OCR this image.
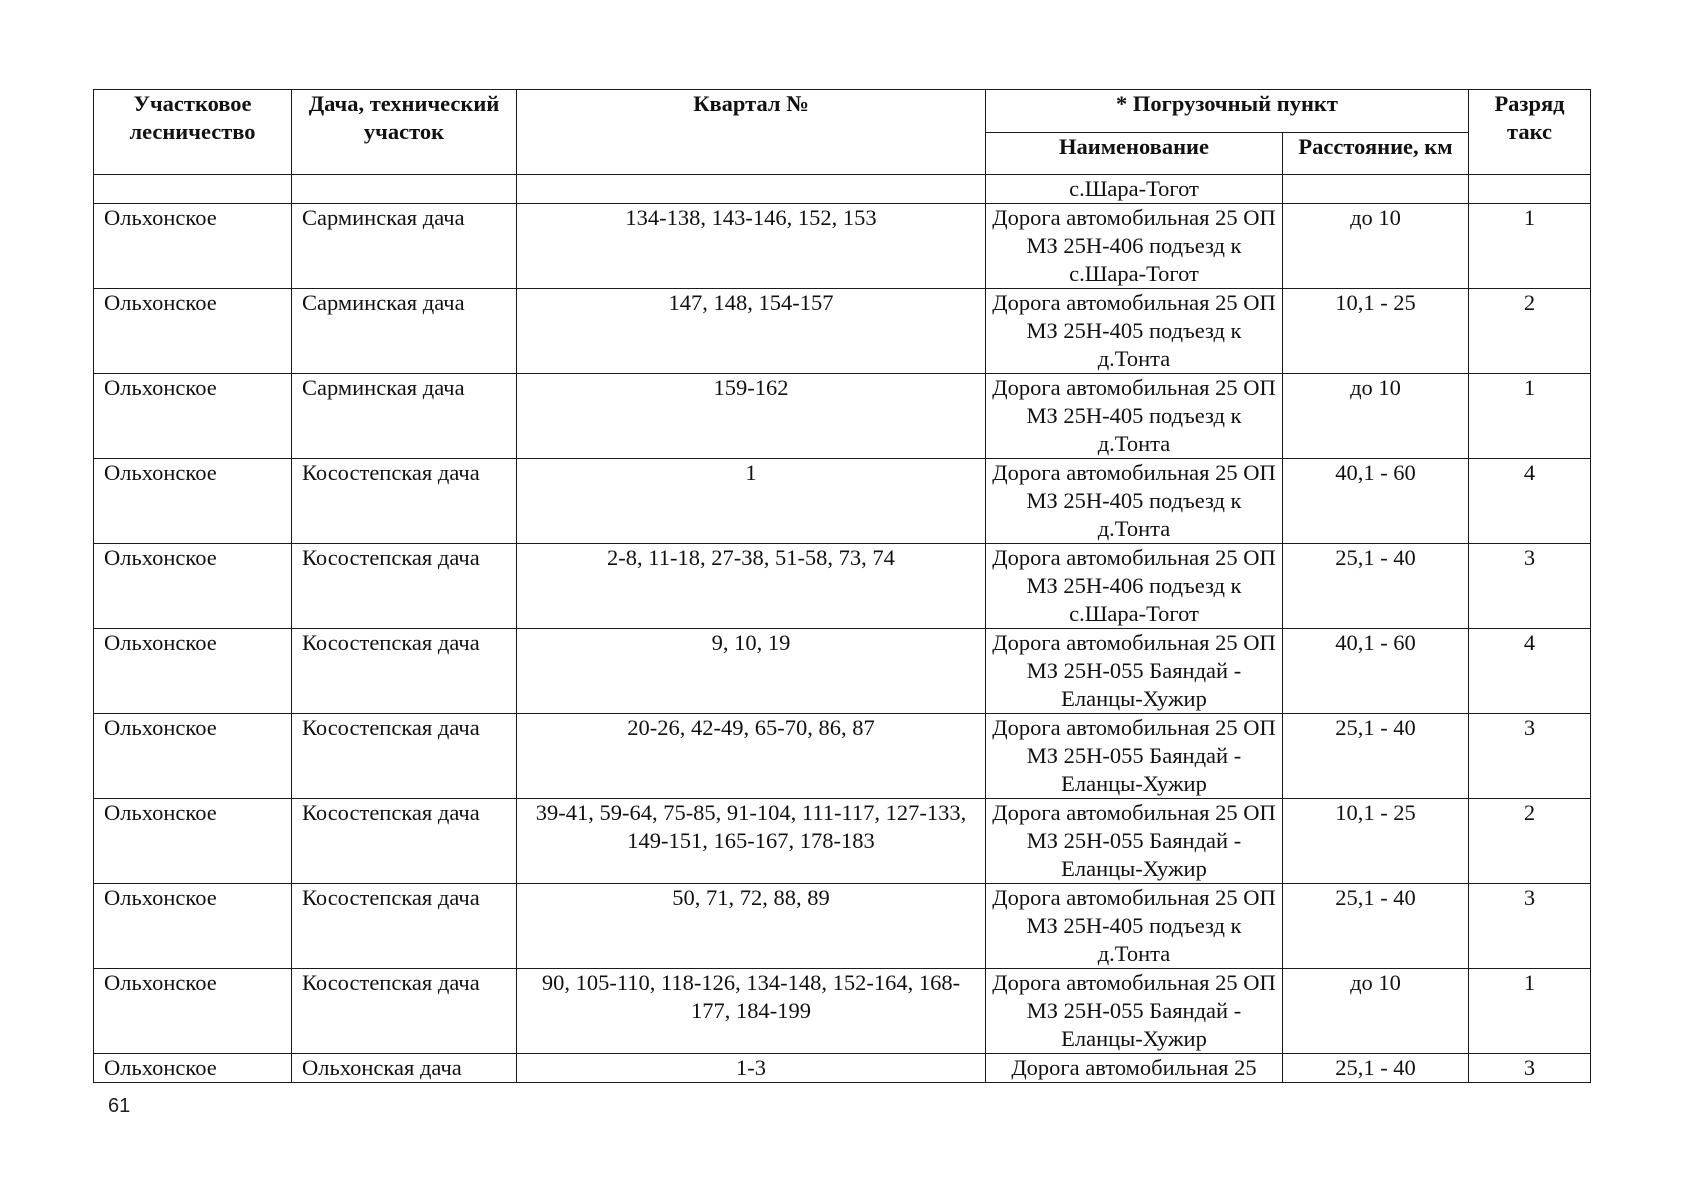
Участковое лесничество	Дача, технический участок	Квартал №	* Погрузочный пункт		Разряд такс
			Наименование	Расстояние, км	
			с.Шара-Тогот		
Ольхонское	Сарминская дача	134-138, 143-146, 152, 153	Дорога автомобильная 25 ОП МЗ 25Н-406 подъезд к с.Шара-Тогот	до 10	1
Ольхонское	Сарминская дача	147, 148, 154-157	Дорога автомобильная 25 ОП МЗ 25Н-405 подъезд к д.Тонта	10,1 - 25	2
Ольхонское	Сарминская дача	159-162	Дорога автомобильная 25 ОП МЗ 25Н-405 подъезд к д.Тонта	до 10	1
Ольхонское	Косостепская дача	1	Дорога автомобильная 25 ОП МЗ 25Н-405 подъезд к д.Тонта	40,1 - 60	4
Ольхонское	Косостепская дача	2-8, 11-18, 27-38, 51-58, 73, 74	Дорога автомобильная 25 ОП МЗ 25Н-406 подъезд к с.Шара-Тогот	25,1 - 40	3
Ольхонское	Косостепская дача	9, 10, 19	Дорога автомобильная 25 ОП МЗ 25Н-055 Баяндай - Еланцы-Хужир	40,1 - 60	4
Ольхонское	Косостепская дача	20-26, 42-49, 65-70, 86, 87	Дорога автомобильная 25 ОП МЗ 25Н-055 Баяндай - Еланцы-Хужир	25,1 - 40	3
Ольхонское	Косостепская дача	39-41, 59-64, 75-85, 91-104, 111-117, 127-133, 149-151, 165-167, 178-183	Дорога автомобильная 25 ОП МЗ 25Н-055 Баяндай - Еланцы-Хужир	10,1 - 25	2
Ольхонское	Косостепская дача	50, 71, 72, 88, 89	Дорога автомобильная 25 ОП МЗ 25Н-405 подъезд к д.Тонта	25,1 - 40	3
Ольхонское	Косостепская дача	90, 105-110, 118-126, 134-148, 152-164, 168-177, 184-199	Дорога автомобильная 25 ОП МЗ 25Н-055 Баяндай - Еланцы-Хужир	до 10	1
Ольхонское	Ольхонская дача	1-3	Дорога автомобильная 25	25,1 - 40	3
61
